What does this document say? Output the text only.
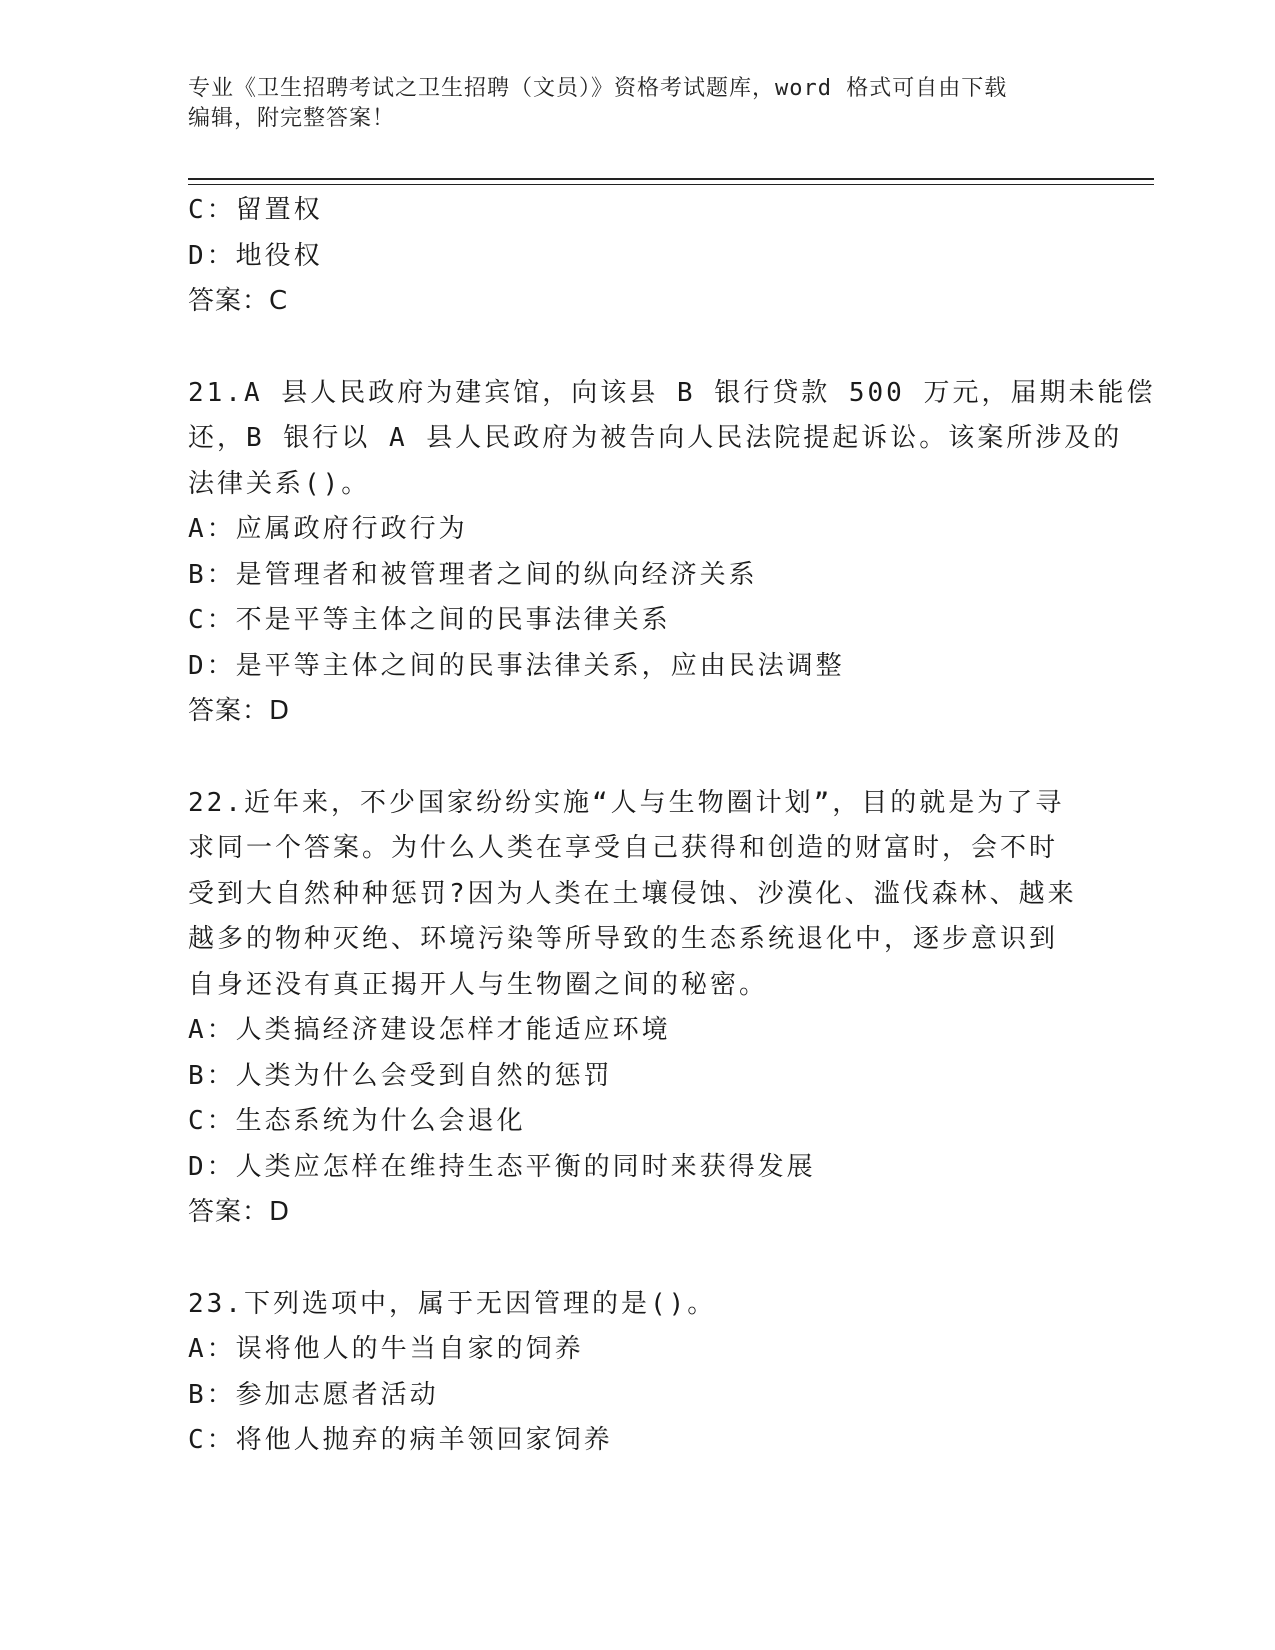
专业《卫生招聘考试之卫生招聘（文员）》资格考试题库，word 格式可自由下载
编辑，附完整答案！
C：留置权
D：地役权
答案：C
21.A 县人民政府为建宾馆，向该县 B 银行贷款 500 万元，届期未能偿
还，B 银行以 A 县人民政府为被告向人民法院提起诉讼。该案所涉及的
法律关系()。
A：应属政府行政行为
B：是管理者和被管理者之间的纵向经济关系
C：不是平等主体之间的民事法律关系
D：是平等主体之间的民事法律关系，应由民法调整
答案：D
22.近年来，不少国家纷纷实施“人与生物圈计划”，目的就是为了寻
求同一个答案。为什么人类在享受自己获得和创造的财富时，会不时
受到大自然种种惩罚?因为人类在土壤侵蚀、沙漠化、滥伐森林、越来
越多的物种灭绝、环境污染等所导致的生态系统退化中，逐步意识到
自身还没有真正揭开人与生物圈之间的秘密。
A：人类搞经济建设怎样才能适应环境
B：人类为什么会受到自然的惩罚
C：生态系统为什么会退化
D：人类应怎样在维持生态平衡的同时来获得发展
答案：D
23.下列选项中，属于无因管理的是()。
A：误将他人的牛当自家的饲养
B：参加志愿者活动
C：将他人抛弃的病羊领回家饲养
